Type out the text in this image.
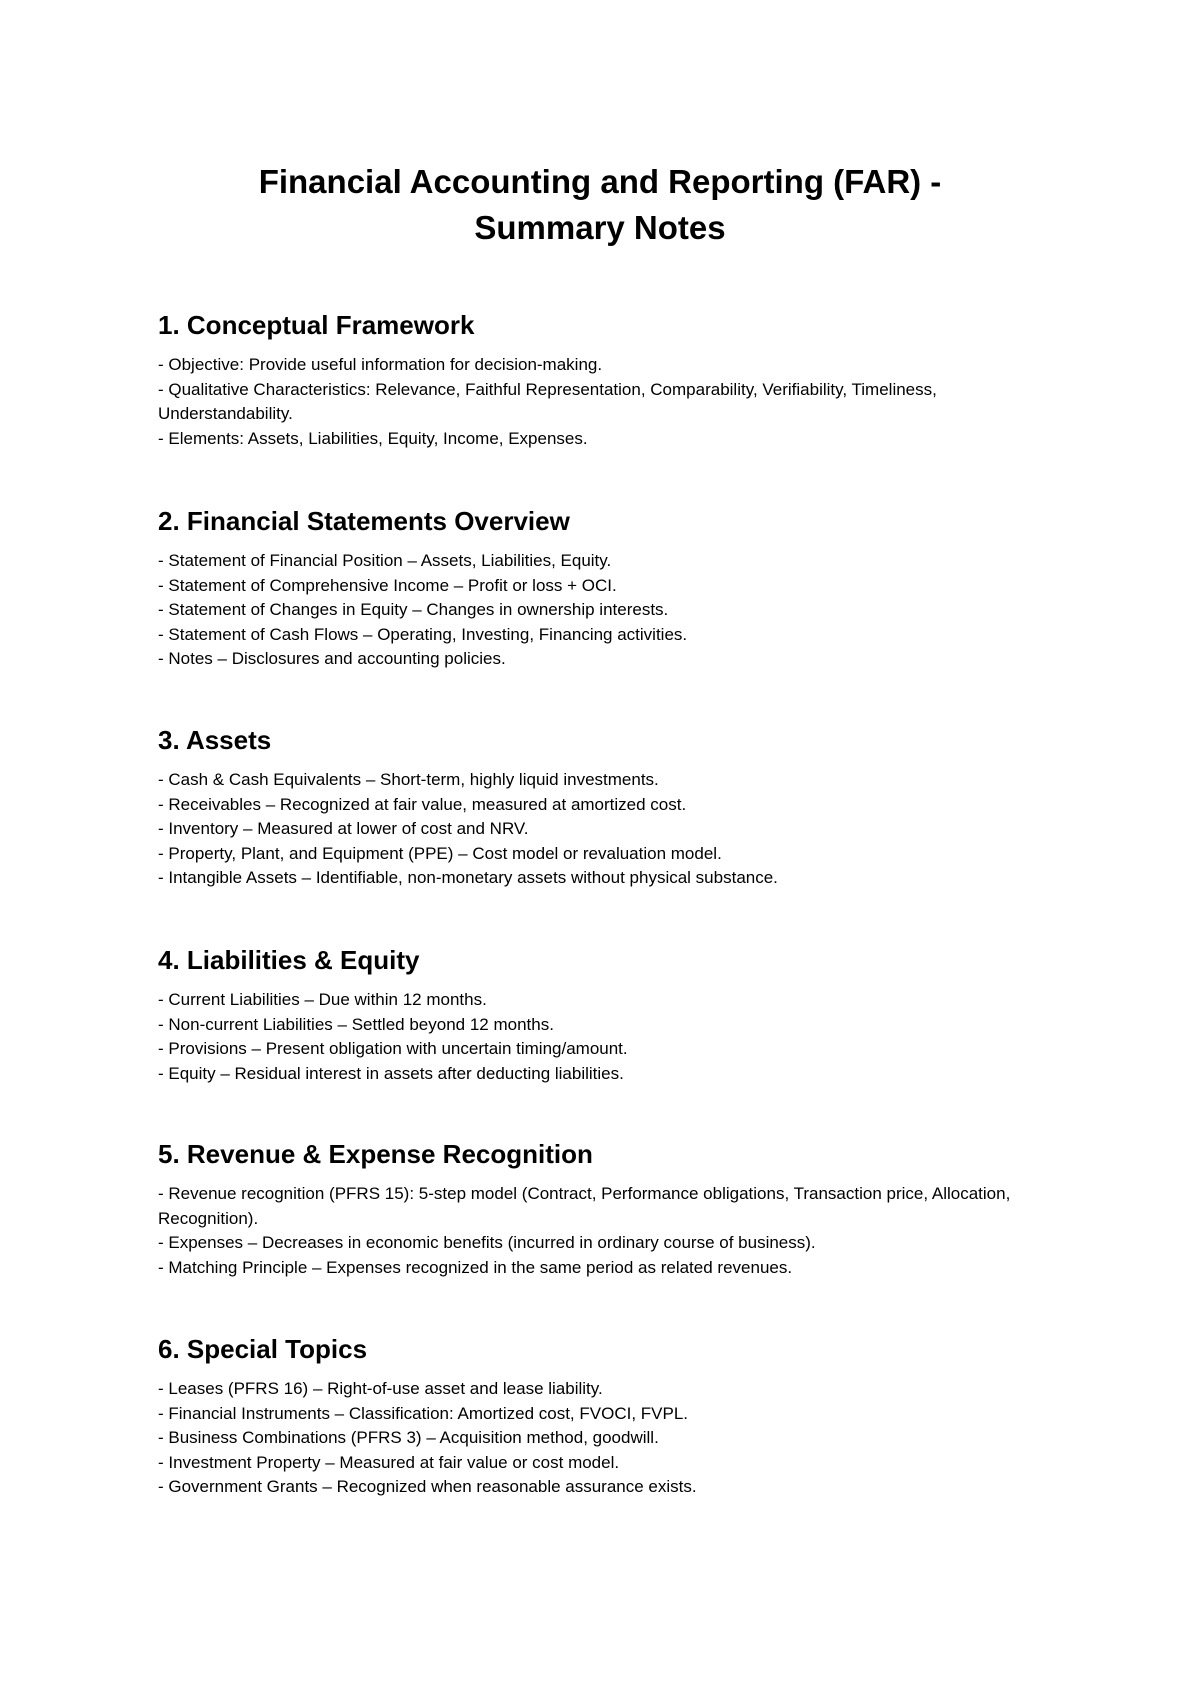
Financial Accounting and Reporting (FAR) -
Summary Notes
1. Conceptual Framework

- Objective: Provide useful information for decision-making.

- Qualitative Characteristics: Relevance, Faithful Representation, Comparability, Verifiability, Timeliness, Understandability.

- Elements: Assets, Liabilities, Equity, Income, Expenses.

2. Financial Statements Overview

- Statement of Financial Position – Assets, Liabilities, Equity.

- Statement of Comprehensive Income – Profit or loss + OCI.

- Statement of Changes in Equity – Changes in ownership interests.

- Statement of Cash Flows – Operating, Investing, Financing activities.

- Notes – Disclosures and accounting policies.

3. Assets

- Cash & Cash Equivalents – Short-term, highly liquid investments.

- Receivables – Recognized at fair value, measured at amortized cost.

- Inventory – Measured at lower of cost and NRV.

- Property, Plant, and Equipment (PPE) – Cost model or revaluation model.

- Intangible Assets – Identifiable, non-monetary assets without physical substance.

4. Liabilities & Equity

- Current Liabilities – Due within 12 months.

- Non-current Liabilities – Settled beyond 12 months.

- Provisions – Present obligation with uncertain timing/amount.

- Equity – Residual interest in assets after deducting liabilities.

5. Revenue & Expense Recognition

- Revenue recognition (PFRS 15): 5-step model (Contract, Performance obligations, Transaction price, Allocation, Recognition).

- Expenses – Decreases in economic benefits (incurred in ordinary course of business).

- Matching Principle – Expenses recognized in the same period as related revenues.

6. Special Topics

- Leases (PFRS 16) – Right-of-use asset and lease liability.

- Financial Instruments – Classification: Amortized cost, FVOCI, FVPL.

- Business Combinations (PFRS 3) – Acquisition method, goodwill.

- Investment Property – Measured at fair value or cost model.

- Government Grants – Recognized when reasonable assurance exists.
